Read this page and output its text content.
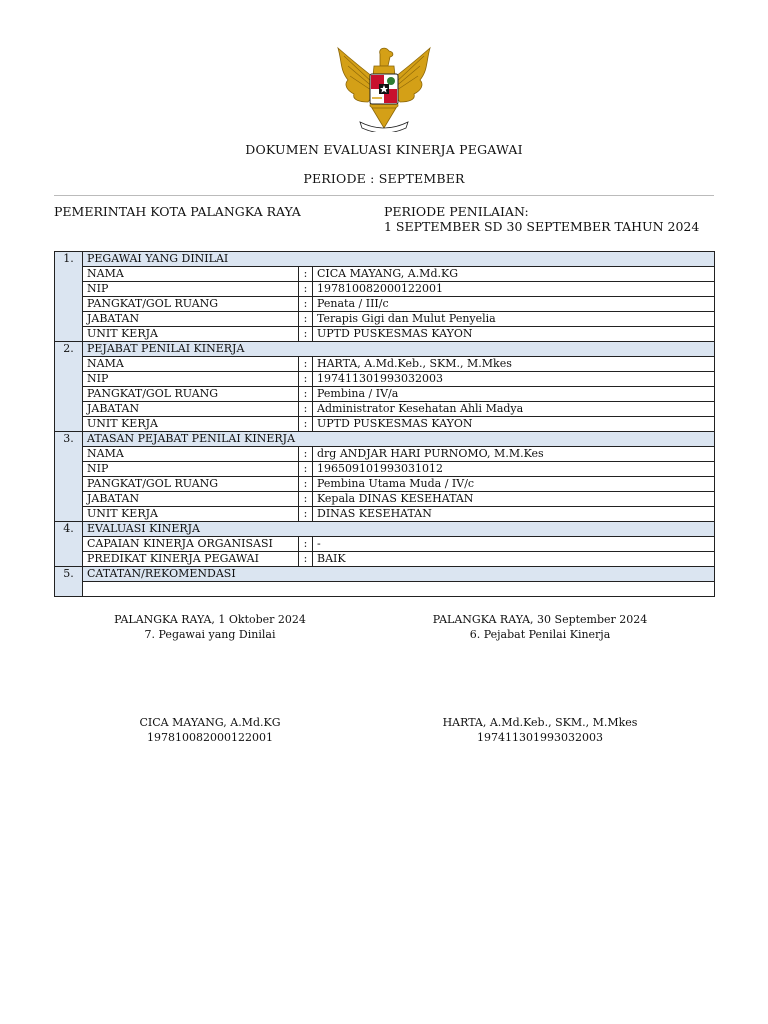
DOKUMEN EVALUASI KINERJA PEGAWAI
PERIODE : SEPTEMBER
PEMERINTAH KOTA PALANGKA RAYA	PERIODE PENILAIAN:
1 SEPTEMBER SD 30 SEPTEMBER TAHUN 2024
1.	PEGAWAI YANG DINILAI		
	NAMA	:	CICA MAYANG, A.Md.KG
	NIP	:	197810082000122001
	PANGKAT/GOL RUANG	:	Penata / III/c
	JABATAN	:	Terapis Gigi dan Mulut Penyelia
	UNIT KERJA	:	UPTD PUSKESMAS KAYON
2.	PEJABAT PENILAI KINERJA		
	NAMA	:	HARTA, A.Md.Keb., SKM., M.Mkes
	NIP	:	197411301993032003
	PANGKAT/GOL RUANG	:	Pembina / IV/a
	JABATAN	:	Administrator Kesehatan Ahli Madya
	UNIT KERJA	:	UPTD PUSKESMAS KAYON
3.	ATASAN PEJABAT PENILAI KINERJA		
	NAMA	:	drg ANDJAR HARI PURNOMO, M.M.Kes
	NIP	:	196509101993031012
	PANGKAT/GOL RUANG	:	Pembina Utama Muda / IV/c
	JABATAN	:	Kepala DINAS KESEHATAN
	UNIT KERJA	:	DINAS KESEHATAN
4.	EVALUASI KINERJA		
	CAPAIAN KINERJA ORGANISASI	:	-
	PREDIKAT KINERJA PEGAWAI	:	BAIK
5.	CATATAN/REKOMENDASI		

PALANGKA RAYA, 1 Oktober 2024
7. Pegawai yang Dinilai
PALANGKA RAYA, 30 September 2024
6. Pejabat Penilai Kinerja
CICA MAYANG, A.Md.KG
197810082000122001
HARTA, A.Md.Keb., SKM., M.Mkes
197411301993032003
